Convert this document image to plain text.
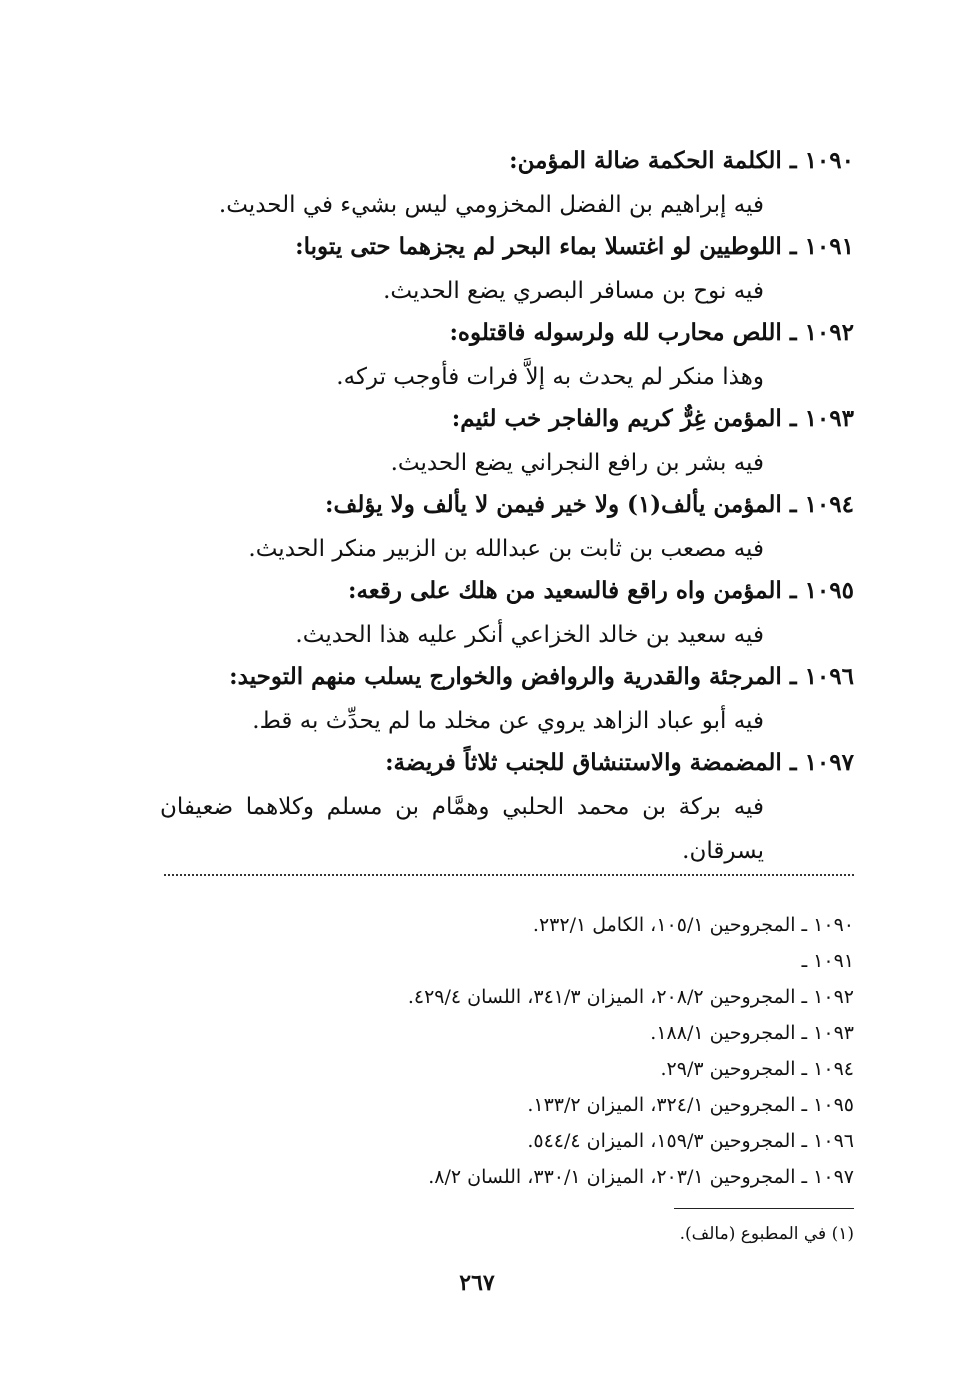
١٠٩٠ ـ الكلمة الحكمة ضالة المؤمن:
فيه إبراهيم بن الفضل المخزومي ليس بشيء في الحديث.
١٠٩١ ـ اللوطيين لو اغتسلا بماء البحر لم يجزهما حتى يتوبا:
فيه نوح بن مسافر البصري يضع الحديث.
١٠٩٢ ـ اللص محارب لله ولرسوله فاقتلوه:
وهذا منكر لم يحدث به إلاَّ فرات فأوجب تركه.
١٠٩٣ ـ المؤمن غِرٌّ كريم والفاجر خب لئيم:
فيه بشر بن رافع النجراني يضع الحديث.
١٠٩٤ ـ المؤمن يألف(١) ولا خير فيمن لا يألف ولا يؤلف:
فيه مصعب بن ثابت بن عبدالله بن الزبير منكر الحديث.
١٠٩٥ ـ المؤمن واه راقع فالسعيد من هلك على رقعه:
فيه سعيد بن خالد الخزاعي أنكر عليه هذا الحديث.
١٠٩٦ ـ المرجئة والقدرية والروافض والخوارج يسلب منهم التوحيد:
فيه أبو عباد الزاهد يروي عن مخلد ما لم يحدِّث به قط.
١٠٩٧ ـ المضمضة والاستنشاق للجنب ثلاثاً فريضة:
فيه بركة بن محمد الحلبي وهمَّام بن مسلم وكلاهما ضعيفان
يسرقان.
١٠٩٠ ـ المجروحين ١٠٥/١، الكامل ٢٣٢/١.
١٠٩١ ـ
١٠٩٢ ـ المجروحين ٢٠٨/٢، الميزان ٣٤١/٣، اللسان ٤٢٩/٤.
١٠٩٣ ـ المجروحين ١٨٨/١.
١٠٩٤ ـ المجروحين ٢٩/٣.
١٠٩٥ ـ المجروحين ٣٢٤/١، الميزان ١٣٣/٢.
١٠٩٦ ـ المجروحين ١٥٩/٣، الميزان ٥٤٤/٤.
١٠٩٧ ـ المجروحين ٢٠٣/١، الميزان ٣٣٠/١، اللسان ٨/٢.
(١) في المطبوع (مالف).
٢٦٧
